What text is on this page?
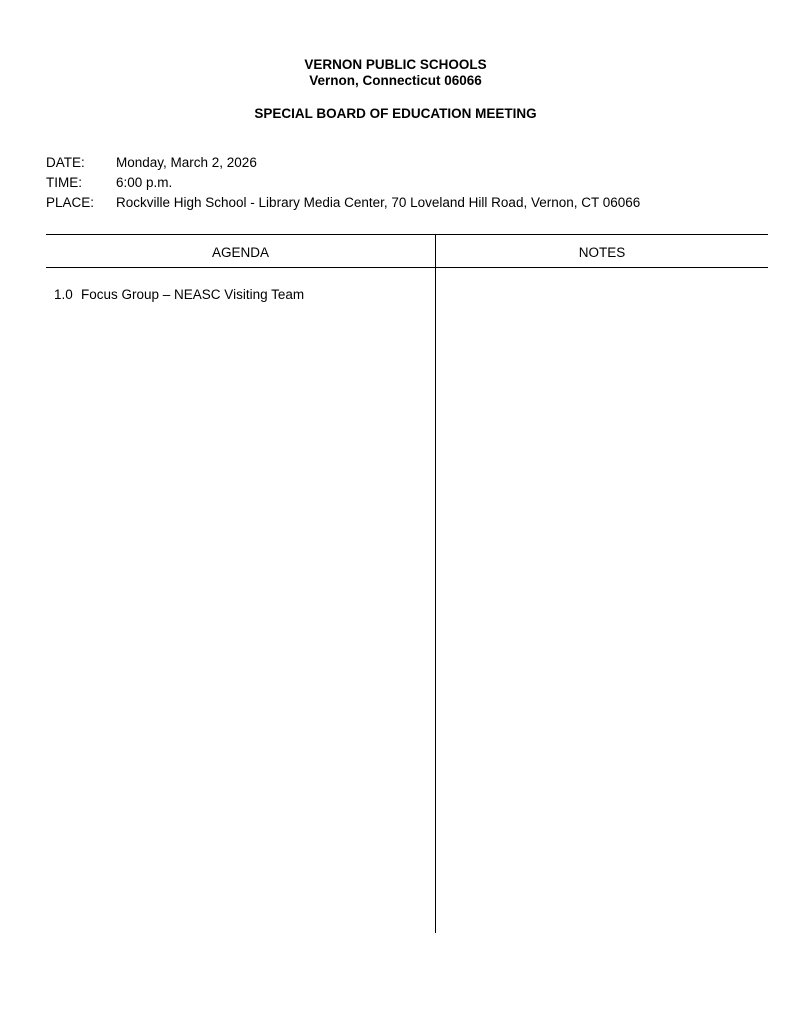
VERNON PUBLIC SCHOOLS
Vernon, Connecticut 06066
SPECIAL BOARD OF EDUCATION MEETING
DATE: Monday, March 2, 2026
TIME:	6:00 p.m.
PLACE: Rockville High School - Library Media Center, 70 Loveland Hill Road, Vernon, CT 06066
AGENDA	NOTES
1.0 Focus Group – NEASC Visiting Team
